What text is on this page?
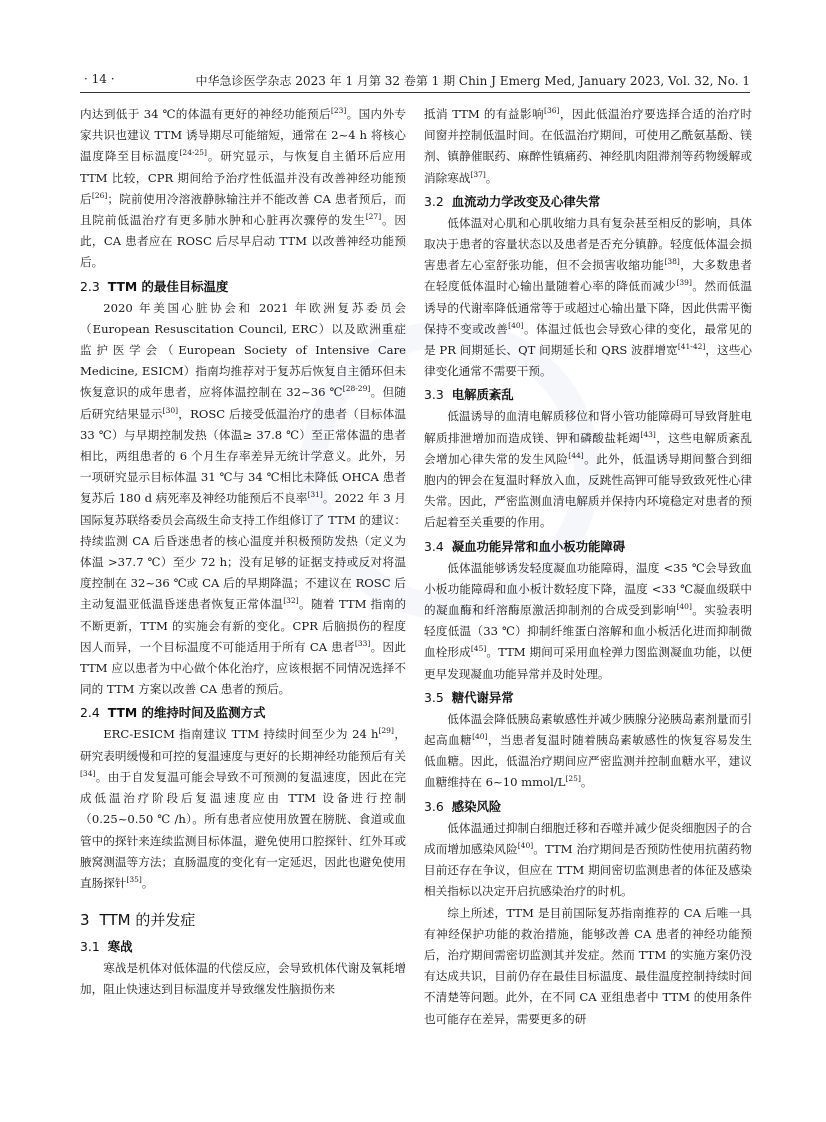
· 14 ·	中华急诊医学杂志 2023 年 1 月第 32 卷第 1 期 Chin J Emerg Med, January 2023, Vol. 32, No. 1

内达到低于 34 ℃的体温有更好的神经功能预后[23]。国内外专家共识也建议 TTM 诱导期尽可能缩短，通常在 2~4 h 将核心温度降至目标温度[24-25]。研究显示，与恢复自主循环后应用 TTM 比较，CPR 期间给予治疗性低温并没有改善神经功能预后[26]；院前使用冷溶液静脉输注并不能改善 CA 患者预后，而且院前低温治疗有更多肺水肿和心脏再次骤停的发生[27]。因此，CA 患者应在 ROSC 后尽早启动 TTM 以改善神经功能预后。

2.3 TTM 的最佳目标温度

2020 年美国心脏协会和 2021 年欧洲复苏委员会（European Resuscitation Council, ERC）以及欧洲重症监护医学会（European Society of Intensive Care Medicine, ESICM）指南均推荐对于复苏后恢复自主循环但未恢复意识的成年患者，应将体温控制在 32~36 ℃[28-29]。但随后研究结果显示[30]，ROSC 后接受低温治疗的患者（目标体温 33 ℃）与早期控制发热（体温≥ 37.8 ℃）至正常体温的患者相比，两组患者的 6 个月生存率差异无统计学意义。此外，另一项研究显示目标体温 31 ℃与 34 ℃相比未降低 OHCA 患者复苏后 180 d 病死率及神经功能预后不良率[31]。2022 年 3 月国际复苏联络委员会高级生命支持工作组修订了 TTM 的建议：持续监测 CA 后昏迷患者的核心温度并积极预防发热（定义为体温 >37.7 ℃）至少 72 h；没有足够的证据支持或反对将温度控制在 32~36 ℃或 CA 后的早期降温；不建议在 ROSC 后主动复温亚低温昏迷患者恢复正常体温[32]。随着 TTM 指南的不断更新，TTM 的实施会有新的变化。CPR 后脑损伤的程度因人而异，一个目标温度不可能适用于所有 CA 患者[33]。因此 TTM 应以患者为中心做个体化治疗，应该根据不同情况选择不同的 TTM 方案以改善 CA 患者的预后。

2.4 TTM 的维持时间及监测方式

ERC-ESICM 指南建议 TTM 持续时间至少为 24 h[29]，研究表明缓慢和可控的复温速度与更好的长期神经功能预后有关[34]。由于自发复温可能会导致不可预测的复温速度，因此在完成低温治疗阶段后复温速度应由 TTM 设备进行控制（0.25~0.50 ℃ /h）。所有患者应使用放置在膀胱、食道或血管中的探针来连续监测目标体温，避免使用口腔探针、红外耳或腋窝测温等方法；直肠温度的变化有一定延迟，因此也避免使用直肠探针[35]。

3 TTM 的并发症
3.1 寒战

寒战是机体对低体温的代偿反应，会导致机体代谢及氧耗增加，阻止快速达到目标温度并导致继发性脑损伤来

抵消 TTM 的有益影响[36]，因此低温治疗要选择合适的治疗时间窗并控制低温时间。在低温治疗期间，可使用乙酰氨基酚、镁剂、镇静催眠药、麻醉性镇痛药、神经肌肉阻滞剂等药物缓解或消除寒战[37]。

3.2 血流动力学改变及心律失常

低体温对心肌和心肌收缩力具有复杂甚至相反的影响，具体取决于患者的容量状态以及患者是否充分镇静。轻度低体温会损害患者左心室舒张功能，但不会损害收缩功能[38]，大多数患者在轻度低体温时心输出量随着心率的降低而减少[39]。然而低温诱导的代谢率降低通常等于或超过心输出量下降，因此供需平衡保持不变或改善[40]。体温过低也会导致心律的变化，最常见的是 PR 间期延长、QT 间期延长和 QRS 波群增宽[41-42]，这些心律变化通常不需要干预。

3.3 电解质紊乱

低温诱导的血清电解质移位和肾小管功能障碍可导致肾脏电解质排泄增加而造成镁、钾和磷酸盐耗竭[43]，这些电解质紊乱会增加心律失常的发生风险[44]。此外，低温诱导期间螯合到细胞内的钾会在复温时释放入血，反跳性高钾可能导致致死性心律失常。因此，严密监测血清电解质并保持内环境稳定对患者的预后起着至关重要的作用。

3.4 凝血功能异常和血小板功能障碍

低体温能够诱发轻度凝血功能障碍，温度 <35 ℃会导致血小板功能障碍和血小板计数轻度下降，温度 <33 ℃凝血级联中的凝血酶和纤溶酶原激活抑制剂的合成受到影响[40]。实验表明轻度低温（33 ℃）抑制纤维蛋白溶解和血小板活化进而抑制微血栓形成[45]。TTM 期间可采用血栓弹力图监测凝血功能，以便更早发现凝血功能异常并及时处理。

3.5 糖代谢异常

低体温会降低胰岛素敏感性并减少胰腺分泌胰岛素剂量而引起高血糖[40]，当患者复温时随着胰岛素敏感性的恢复容易发生低血糖。因此，低温治疗期间应严密监测并控制血糖水平，建议血糖维持在 6~10 mmol/L[25]。

3.6 感染风险

低体温通过抑制白细胞迁移和吞噬并减少促炎细胞因子的合成而增加感染风险[40]。TTM 治疗期间是否预防性使用抗菌药物目前还存在争议，但应在 TTM 期间密切监测患者的体征及感染相关指标以决定开启抗感染治疗的时机。

综上所述，TTM 是目前国际复苏指南推荐的 CA 后唯一具有神经保护功能的救治措施，能够改善 CA 患者的神经功能预后，治疗期间需密切监测其并发症。然而 TTM 的实施方案仍没有达成共识，目前仍存在最佳目标温度、最佳温度控制持续时间不清楚等问题。此外，在不同 CA 亚组患者中 TTM 的使用条件也可能存在差异，需要更多的研
